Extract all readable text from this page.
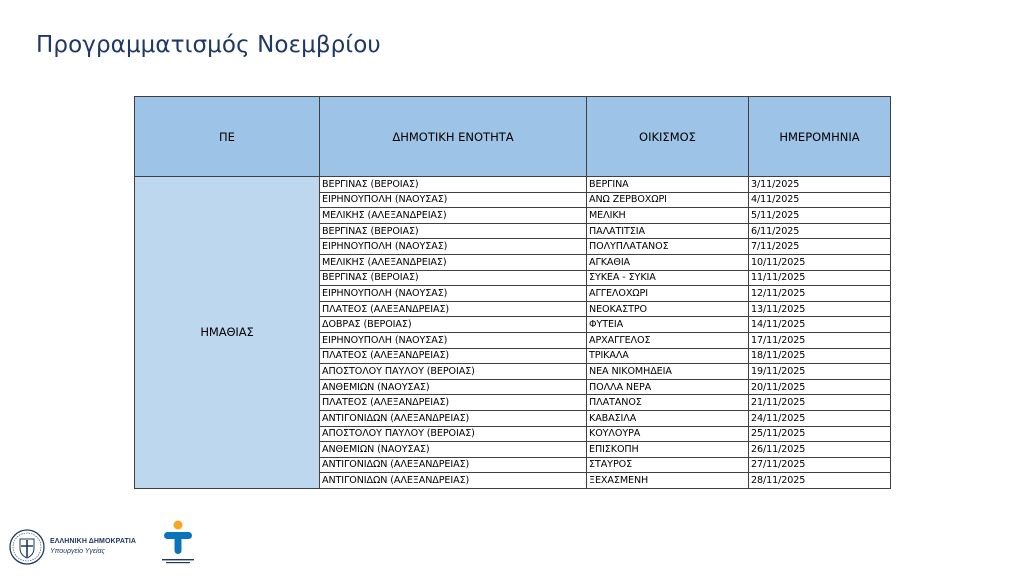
Προγραμματισμός Νοεμβρίου
ΠΕ	ΔΗΜΟΤΙΚΗ ΕΝΟΤΗΤΑ	ΟΙΚΙΣΜΟΣ	ΗΜΕΡΟΜΗΝΙΑ
ΗΜΑΘΙΑΣ	ΒΕΡΓΙΝΑΣ (ΒΕΡΟΙΑΣ)	ΒΕΡΓΙΝΑ	3/11/2025
	ΕΙΡΗΝΟΥΠΟΛΗ (ΝΑΟΥΣΑΣ)	ΑΝΩ ΖΕΡΒΟΧΩΡΙ	4/11/2025
	ΜΕΛΙΚΗΣ (ΑΛΕΞΑΝΔΡΕΙΑΣ)	ΜΕΛΙΚΗ	5/11/2025
	ΒΕΡΓΙΝΑΣ (ΒΕΡΟΙΑΣ)	ΠΑΛΑΤΙΤΣΙΑ	6/11/2025
	ΕΙΡΗΝΟΥΠΟΛΗ (ΝΑΟΥΣΑΣ)	ΠΟΛΥΠΛΑΤΑΝΟΣ	7/11/2025
	ΜΕΛΙΚΗΣ (ΑΛΕΞΑΝΔΡΕΙΑΣ)	ΑΓΚΑΘΙΑ	10/11/2025
	ΒΕΡΓΙΝΑΣ (ΒΕΡΟΙΑΣ)	ΣΥΚΕΑ - ΣΥΚΙΑ	11/11/2025
	ΕΙΡΗΝΟΥΠΟΛΗ (ΝΑΟΥΣΑΣ)	ΑΓΓΕΛΟΧΩΡΙ	12/11/2025
	ΠΛΑΤΕΟΣ (ΑΛΕΞΑΝΔΡΕΙΑΣ)	ΝΕΟΚΑΣΤΡΟ	13/11/2025
	ΔΟΒΡΑΣ (ΒΕΡΟΙΑΣ)	ΦΥΤΕΙΑ	14/11/2025
	ΕΙΡΗΝΟΥΠΟΛΗ (ΝΑΟΥΣΑΣ)	ΑΡΧΑΓΓΕΛΟΣ	17/11/2025
	ΠΛΑΤΕΟΣ (ΑΛΕΞΑΝΔΡΕΙΑΣ)	ΤΡΙΚΑΛΑ	18/11/2025
	ΑΠΟΣΤΟΛΟΥ ΠΑΥΛΟΥ (ΒΕΡΟΙΑΣ)	ΝΕΑ ΝΙΚΟΜΗΔΕΙΑ	19/11/2025
	ΑΝΘΕΜΙΩΝ (ΝΑΟΥΣΑΣ)	ΠΟΛΛΑ ΝΕΡΑ	20/11/2025
	ΠΛΑΤΕΟΣ (ΑΛΕΞΑΝΔΡΕΙΑΣ)	ΠΛΑΤΑΝΟΣ	21/11/2025
	ΑΝΤΙΓΟΝΙΔΩΝ (ΑΛΕΞΑΝΔΡΕΙΑΣ)	ΚΑΒΑΣΙΛΑ	24/11/2025
	ΑΠΟΣΤΟΛΟΥ ΠΑΥΛΟΥ (ΒΕΡΟΙΑΣ)	ΚΟΥΛΟΥΡΑ	25/11/2025
	ΑΝΘΕΜΙΩΝ (ΝΑΟΥΣΑΣ)	ΕΠΙΣΚΟΠΗ	26/11/2025
	ΑΝΤΙΓΟΝΙΔΩΝ (ΑΛΕΞΑΝΔΡΕΙΑΣ)	ΣΤΑΥΡΟΣ	27/11/2025
	ΑΝΤΙΓΟΝΙΔΩΝ (ΑΛΕΞΑΝΔΡΕΙΑΣ)	ΞΕΧΑΣΜΕΝΗ	28/11/2025
ΕΛΛΗΝΙΚΗ ΔΗΜΟΚΡΑΤΙΑ
Υπουργείο Υγείας
